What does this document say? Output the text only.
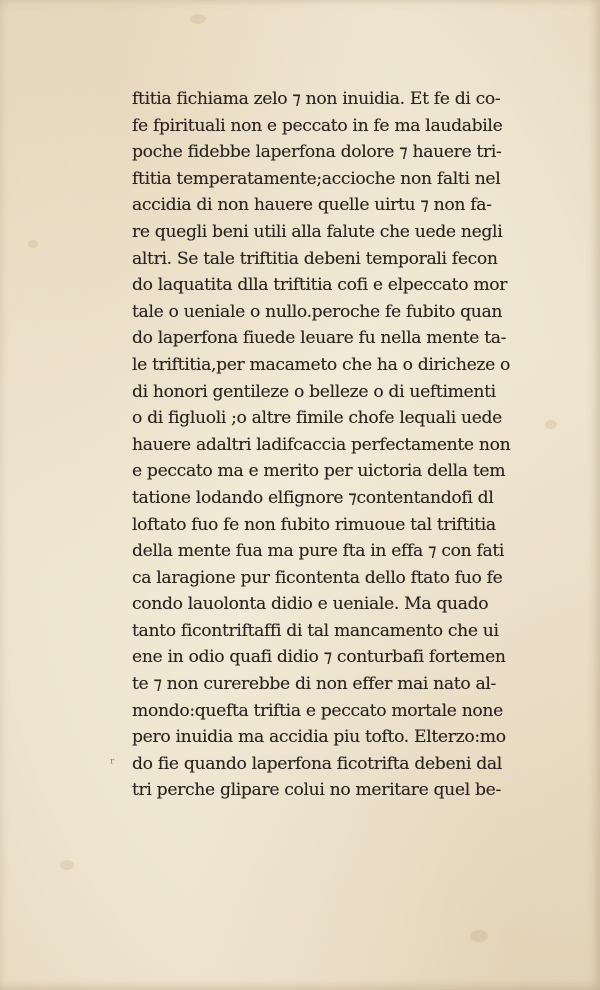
ʳ
ftitia fichiama zelo ⁊ non inuidia. Et fe di co-
fe fpirituali non e peccato in fe ma laudabile
poche fidebbe laperfona dolore ⁊ hauere tri-
ftitia temperatamente;acciochе non falti nel
accidia di non hauere quelle uirtu ⁊ non fa-
re quegli beni utili alla falute che uede negli
altri. Se tale triftitia debeni temporali fecon
do laquatita dlla triftitia cofi e elpeccato mor
tale o ueniale o nullo.peroche fe fubito quan
do laperfona fiuede leuare fu nella mente ta-
le triftitia,per macameto che ha o diricheze o
di honori gentileze o belleze o di ueftimenti
o di figluoli ;o altre fimile chofe lequali uede
hauere adaltri ladifcaccia perfectamente non
e peccato ma e merito per uictoria della tem
tatione lodando elfignore ⁊contentandofi dl
loftato fuo fe non fubito rimuoue tal triftitia
della mente fua ma pure fta in effa ⁊ con fati
ca laragione pur ficontenta dello ftato fuo fe
condo lauolonta didio e ueniale. Ma quado
tanto ficontriftaffi di tal mancamento che ui
ene in odio quafi didio ⁊ conturbafi fortemen
te ⁊ non curerebbe di non effer mai nato al-
mondo:quefta triftia e peccato mortale none
pero inuidia ma accidia piu tofto. Elterzo:mo
do fie quando laperfona ficotrifta debeni dal
tri perche glipare colui no meritare quel be-
